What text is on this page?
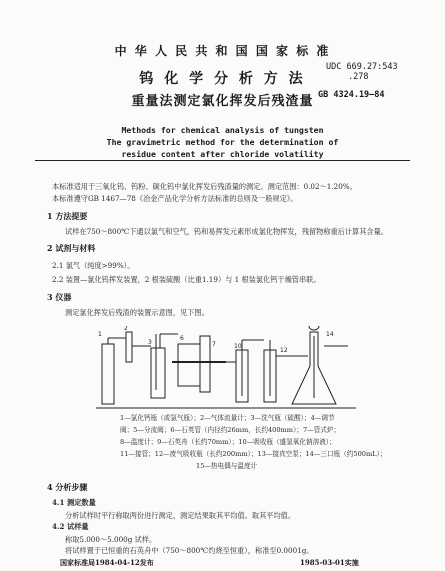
中 华 人 民 共 和 国 国 家 标 准
UDC 669.27:543
.278
GB 4324.19—84
钨 化 学 分 析 方 法
重量法测定氯化挥发后残渣量
Methods for chemical analysis of tungsten
The gravimetric method for the determination of
residue content after chloride volatility
本标准适用于三氧化钨、钨粉、碳化钨中氯化挥发后残渣量的测定。测定范围：0.02～1.20%。
本标准遵守GB 1467—78《冶金产品化学分析方法标准的总则及一般规定》。
1 方法提要
试样在750～800℃下通以氯气和空气，钨和易挥发元素形成氯化物挥发，残留物称重后计算其含量。
2 试剂与材料
2.1 氯气（纯度>99%）。
2.2 装置—氯化钨挥发装置，2 根装硫酸（比重1.19）与 1 根装氯化钙干燥管串联。
3 仪器
测定氯化挥发后残渣的装置示意图，见下图。
1
2
3
6
7	10
12
14
1—氯化钙瓶（或氯气瓶）；2—气体流量计；3—洗气瓶（硫酸）；4—调节
阀；5—分流阀；6—石英管（内径约26mm，长约400mm）；7—管式炉；
8—温度计；9—石英舟（长约70mm）；10—吸收瓶（盛氢氧化钠溶液）；
11—接管；12—废气吸收瓶（长约200mm）；13—接真空泵；14—三口瓶（约500mL）；
15—热电偶与温度计
4 分析步骤
4.1 测定数量
分析试样时平行称取两份进行测定，测定结果取其平均值。取其平均值。
4.2 试样量
称取5.000～5.000g 试样。
将试样置于已恒重的石英舟中（750～800℃灼烧至恒重），称准至0.0001g。
国家标准局1984-04-12发布	1985-03-01实施
